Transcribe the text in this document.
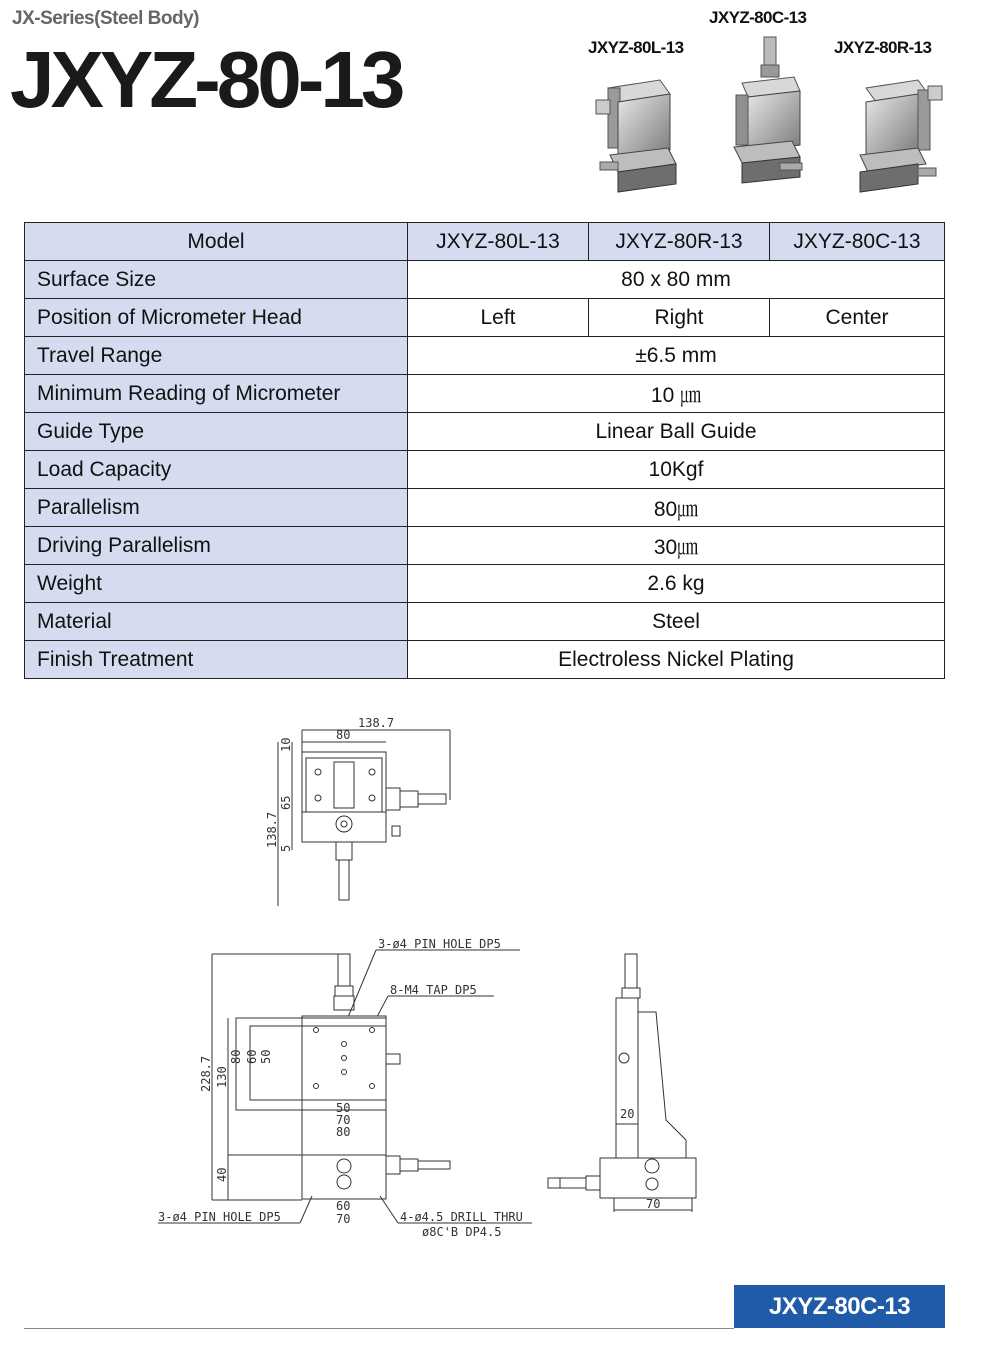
JX-Series(Steel Body)
JXYZ-80-13	JXYZ-80L-13
JXYZ-80C-13
JXYZ-80R-13
Model	JXYZ-80L-13	JXYZ-80R-13	JXYZ-80C-13
Surface Size	80 x 80 mm		
Position of Micrometer Head	Left	Right	Center
Travel Range	±6.5 mm		
Minimum Reading of Micrometer	10 ㎛		
Guide Type	Linear Ball Guide		
Load Capacity	10Kgf		
Parallelism	80㎛		
Driving Parallelism	30㎛		
Weight	2.6 kg		
Material	Steel		
Finish Treatment	Electroless Nickel Plating		
138.7
80
10
65
138.7
5
3-ø4 PIN HOLE DP5
8-M4 TAP DP5
228.7 130
80 60 50
40
50
70
80
60
70
3-ø4 PIN HOLE DP5	4-ø4.5 DRILL THRU
ø8C'B DP4.5
20
70
JXYZ-80C-13
